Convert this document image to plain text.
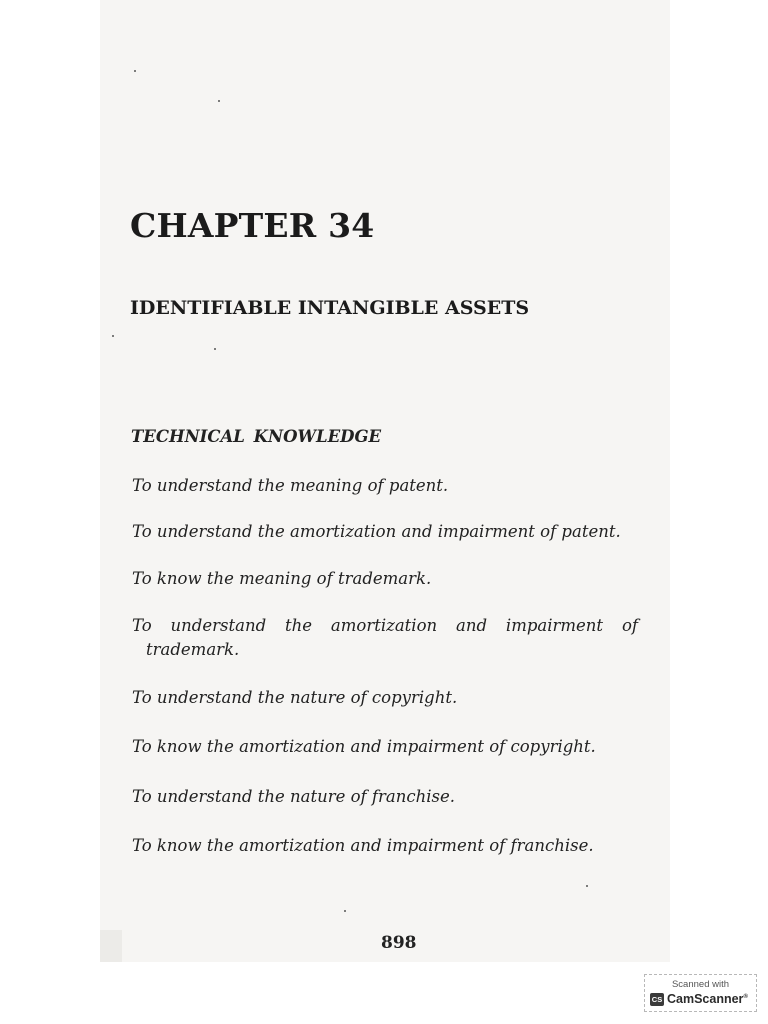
CHAPTER 34
IDENTIFIABLE INTANGIBLE ASSETS
TECHNICAL KNOWLEDGE
To understand the meaning of patent.
To understand the amortization and impairment of patent.
To know the meaning of trademark.
To understand the amortization and impairment of
trademark.
To understand the nature of copyright.
To know the amortization and impairment of copyright.
To understand the nature of franchise.
To know the amortization and impairment of franchise.

898

Scanned with
CS CamScanner®
